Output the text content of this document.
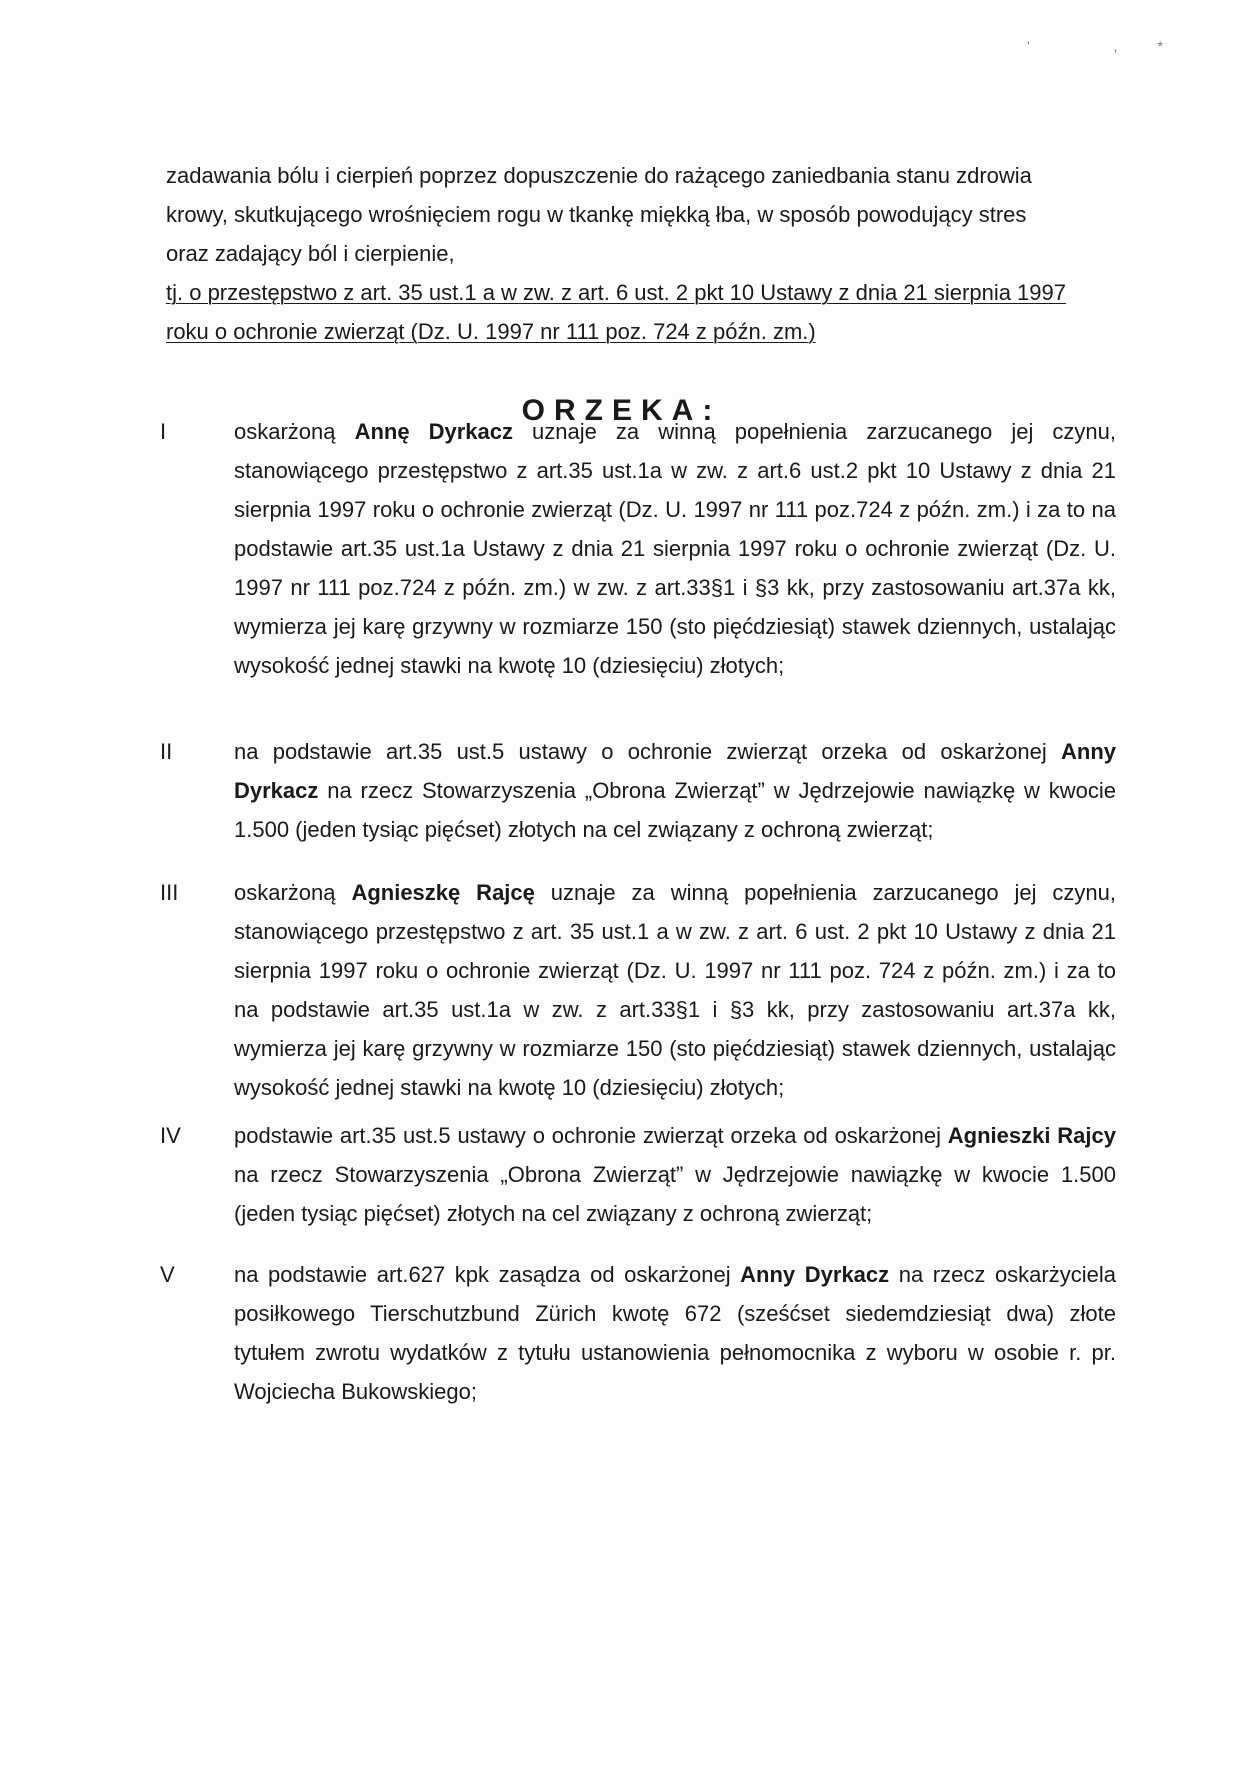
' ,*

zadawania bólu i cierpień poprzez dopuszczenie do rażącego zaniedbania stanu zdrowia

krowy, skutkującego wrośnięciem rogu w tkankę miękką łba, w sposób powodujący stres

oraz zadający ból i cierpienie,

tj. o przestępstwo z art. 35 ust.1 a w zw. z art. 6 ust. 2 pkt 10 Ustawy z dnia 21 sierpnia 1997

roku o ochronie zwierząt (Dz. U. 1997 nr 111 poz. 724 z późn. zm.)

ORZEKA:
I	oskarżoną Annę Dyrkacz uznaje za winną popełnienia zarzucanego jej czynu, stanowiącego przestępstwo z art.35 ust.1a w zw. z art.6 ust.2 pkt 10 Ustawy z dnia 21 sierpnia 1997 roku o ochronie zwierząt (Dz. U. 1997 nr 111 poz.724 z późn. zm.) i za to na podstawie art.35 ust.1a Ustawy z dnia 21 sierpnia 1997 roku o ochronie zwierząt (Dz. U. 1997 nr 111 poz.724 z późn. zm.) w zw. z art.33§1 i §3 kk, przy zastosowaniu art.37a kk, wymierza jej karę grzywny w rozmiarze 150 (sto pięćdziesiąt) stawek dziennych, ustalając wysokość jednej stawki na kwotę 10 (dziesięciu) złotych;
II	na podstawie art.35 ust.5 ustawy o ochronie zwierząt orzeka od oskarżonej Anny Dyrkacz na rzecz Stowarzyszenia „Obrona Zwierząt” w Jędrzejowie nawiązkę w kwocie 1.500 (jeden tysiąc pięćset) złotych na cel związany z ochroną zwierząt;
III	oskarżoną Agnieszkę Rajcę uznaje za winną popełnienia zarzucanego jej czynu, stanowiącego przestępstwo z art. 35 ust.1 a w zw. z art. 6 ust. 2 pkt 10 Ustawy z dnia 21 sierpnia 1997 roku o ochronie zwierząt (Dz. U. 1997 nr 111 poz. 724 z późn. zm.) i za to na podstawie art.35 ust.1a w zw. z art.33§1 i §3 kk, przy zastosowaniu art.37a kk, wymierza jej karę grzywny w rozmiarze 150 (sto pięćdziesiąt) stawek dziennych, ustalając wysokość jednej stawki na kwotę 10 (dziesięciu) złotych;
IV	podstawie art.35 ust.5 ustawy o ochronie zwierząt orzeka od oskarżonej Agnieszki Rajcy na rzecz Stowarzyszenia „Obrona Zwierząt” w Jędrzejowie nawiązkę w kwocie 1.500 (jeden tysiąc pięćset) złotych na cel związany z ochroną zwierząt;
V	na podstawie art.627 kpk zasądza od oskarżonej Anny Dyrkacz na rzecz oskarżyciela posiłkowego Tierschutzbund Zürich kwotę 672 (sześćset siedemdziesiąt dwa) złote tytułem zwrotu wydatków z tytułu ustanowienia pełnomocnika z wyboru w osobie r. pr. Wojciecha Bukowskiego;
